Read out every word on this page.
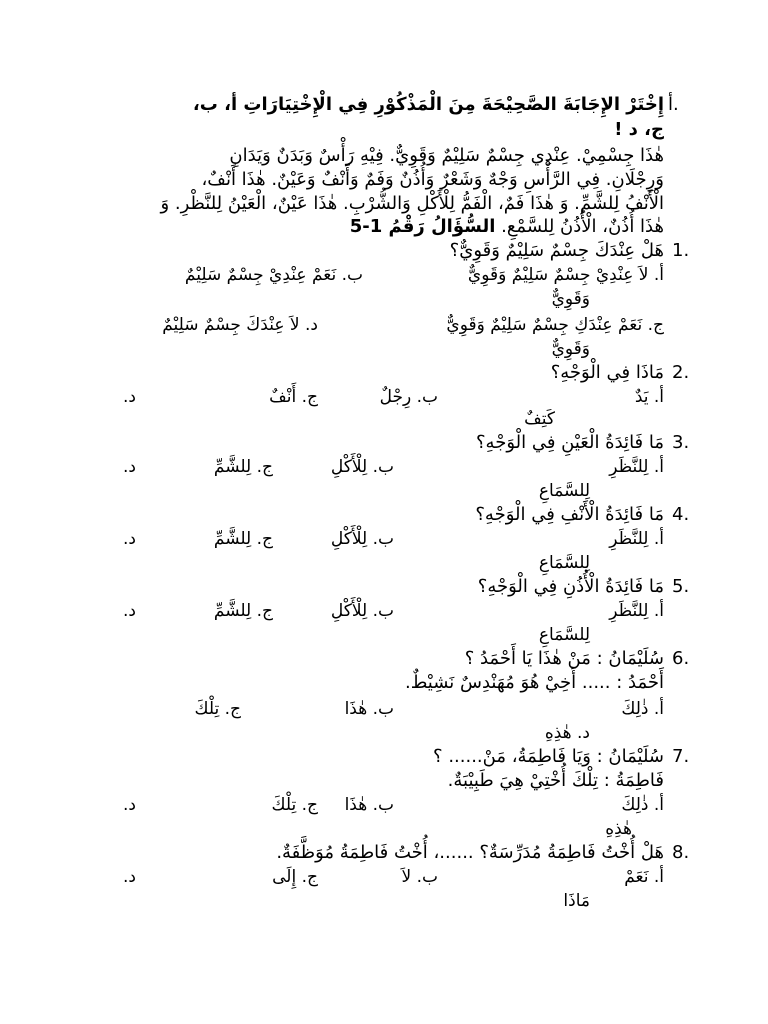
أ.
إِخْتَرْ الإِجَابَةَ الصَّحِيْحَةَ مِنَ الْمَذْكُوْرِ فِي الْإِخْتِيَارَاتِ أ، ب،
ج، د !
هٰذَا جِسْمِيْ. عِنْدِي جِسْمٌ سَلِيْمٌ وَقَوِيٌّ. فِيْهِ رَأْسٌ وَبَدَنٌ وَيَدَانِ
وَرِجْلَانِ. فِي الرَّأْسِ وَجْهٌ وَشَعْرٌ وَأُذُنٌ وَفَمٌ وَأَنْفٌ وَعَيْنٌ. هٰذَا أَنْفٌ،
الْأَنْفُ لِلشَّمِّ. وَ هٰذَا فَمٌ، الْفَمُّ لِلْأَكْلِ وَالشُّرْبِ. هٰذَا عَيْنٌ، الْعَيْنُ لِلنَّظْرِ. وَ
هٰذَا أُذُنٌ، الْأُذُنُ لِلسَّمْعِ. السُّؤَالُ رَقْمُ 1-5
1.
هَلْ عِنْدَكَ جِسْمٌ سَلِيْمٌ وَقَوِيٌّ؟
أ. لاَ عِنْدِيْ جِسْمٌ سَلِيْمٌ وَقَوِيٌّ
ب. نَعَمْ عِنْدِيْ جِسْمٌ سَلِيْمٌ
وَقَوِيٌّ
ج. نَعَمْ عِنْدَكِ جِسْمٌ سَلِيْمٌ وَقَوِيٌّ
د. لاَ عِنْدَكَ جِسْمٌ سَلِيْمٌ
وَقَوِيٌّ
2.
مَاذَا فِي الْوَجْهِ؟
أ. يَدٌ
ب. رِجْلٌ
ج. أَنْفٌ
د.
كَتِفٌ
3.
مَا فَائِدَةُ الْعَيْنِ فِي الْوَجْهِ؟
أ. لِلنَّظَرِ
ب. لِلْأَكْلِ
ج. لِلشَّمِّ
د.
لِلسَّمَاعِ
4.
مَا فَائِدَةُ الْأَنْفِ فِي الْوَجْهِ؟
أ. لِلنَّظَرِ
ب. لِلْأَكْلِ
ج. لِلشَّمِّ
د.
لِلسَّمَاعِ
5.
مَا فَائِدَةُ الْأُذُنِ فِي الْوَجْهِ؟
أ. لِلنَّظَرِ
ب. لِلْأَكْلِ
ج. لِلشَّمِّ
د.
لِلسَّمَاعِ
6.
سُلَيْمَانُ : مَنْ هٰذَا يَا أَحْمَدُ ؟
أَحْمَدُ : ..... أَخِيْ هُوَ مُهَنْدِسٌ نَشِيْطٌ.
أ. ذٰلِكَ
ب. هٰذَا
ج. تِلْكَ
د. هٰذِهِ
7.
سُلَيْمَانُ : وَيَا فَاطِمَةُ، مَنْ...... ؟
فَاطِمَةُ : تِلْكَ أُخْتِيْ هِيَ طَبِيْبَةٌ.
أ. ذٰلِكَ
ب. هٰذَا
ج. تِلْكَ
د.
هٰذِهِ
8.
هَلْ أُخْتُ فَاطِمَةُ مُدَرِّسَةٌ؟ ......، أُخْتُ فَاطِمَةُ مُوَظَّفَةٌ.
أ. نَعَمْ
ب. لاَ
ج. إِلَى
د.
مَاذَا
